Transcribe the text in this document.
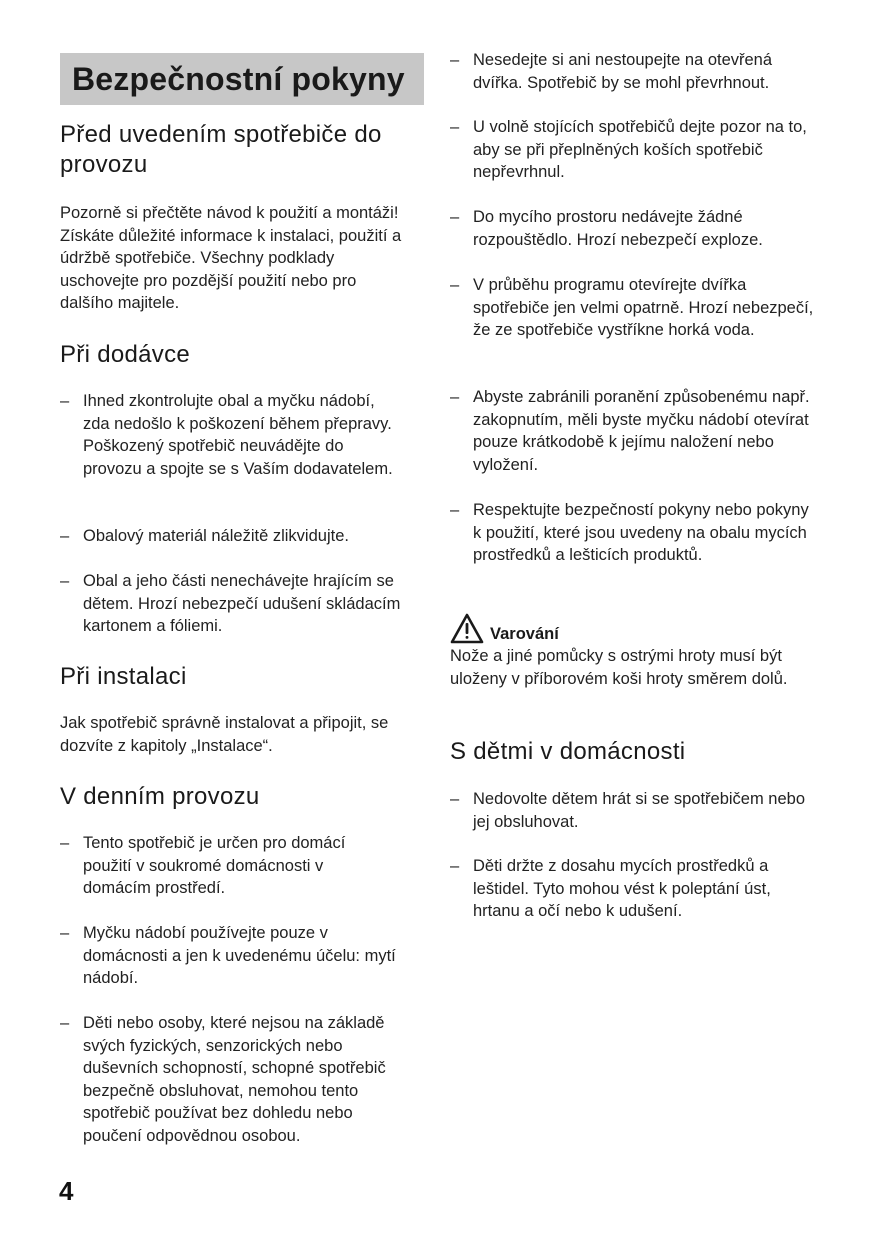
Bezpečnostní pokyny
Před uvedením spotřebiče do provozu

Pozorně si přečtěte návod k použití a montáži! Získáte důležité informace k instalaci, použití a údržbě spotřebiče. Všechny podklady uschovejte pro pozdější použití nebo pro dalšího majitele.

Při dodávce
– Ihned zkontrolujte obal a myčku nádobí, zda nedošlo k poškození během přepravy. Poškozený spotřebič neuvádějte do provozu a spojte se s Vaším dodavatelem.
– Obalový materiál náležitě zlikvidujte.
– Obal a jeho části nenechávejte hrajícím se dětem. Hrozí nebezpečí udušení skládacím kartonem a fóliemi.
Při instalaci

Jak spotřebič správně instalovat a připojit, se dozvíte z kapitoly „Instalace“.

V denním provozu
– Tento spotřebič je určen pro domácí použití v soukromé domácnosti v domácím prostředí.
– Myčku nádobí používejte pouze v domácnosti a jen k uvedenému účelu: mytí nádobí.
– Děti nebo osoby, které nejsou na základě svých fyzických, senzorických nebo duševních schopností, schopné spotřebič bezpečně obsluhovat, nemohou tento spotřebič používat bez dohledu nebo poučení odpovědnou osobou.
– Nesedejte si ani nestoupejte na otevřená dvířka. Spotřebič by se mohl převrhnout.
– U volně stojících spotřebičů dejte pozor na to, aby se při přeplněných koších spotřebič nepřevrhnul.
– Do mycího prostoru nedávejte žádné rozpouštědlo. Hrozí nebezpečí exploze.
– V průběhu programu otevírejte dvířka spotřebiče jen velmi opatrně. Hrozí nebezpečí, že ze spotřebiče vystříkne horká voda.
– Abyste zabránili poranění způsobenému např. zakopnutím, měli byste myčku nádobí otevírat pouze krátkodobě k jejímu naložení nebo vyložení.
– Respektujte bezpečností pokyny nebo pokyny k použití, které jsou uvedeny na obalu mycích prostředků a lešticích produktů.
Varování

Nože a jiné pomůcky s ostrými hroty musí být uloženy v příborovém koši hroty směrem dolů.

S dětmi v domácnosti
– Nedovolte dětem hrát si se spotřebičem nebo jej obsluhovat.
– Děti držte z dosahu mycích prostředků a leštidel. Tyto mohou vést k poleptání úst, hrtanu a očí nebo k udušení.
4
